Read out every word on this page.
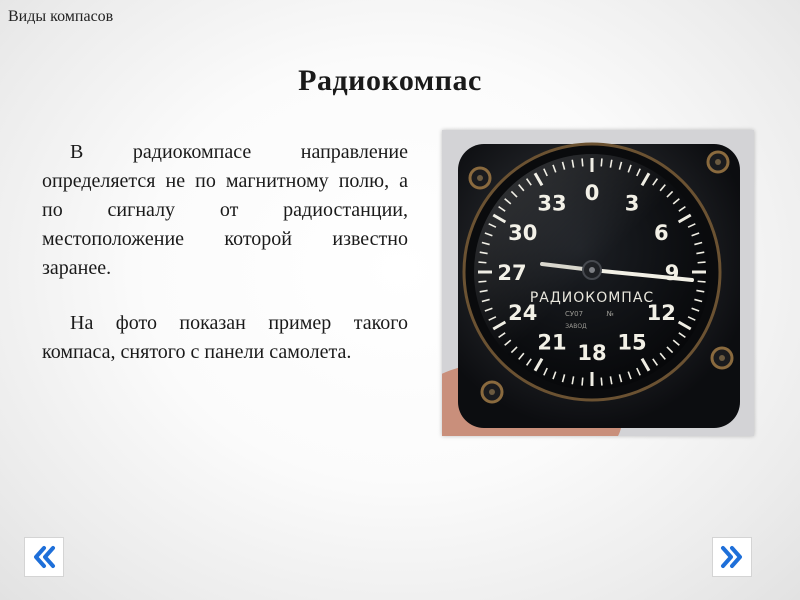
Виды компасов
Радиокомпас

В радиокомпасе направление определяется не по магнитному полю, а по сигналу от радиостанции, местоположение которой известно заранее.

На фото показан пример такого компаса, снятого с панели самолета.
